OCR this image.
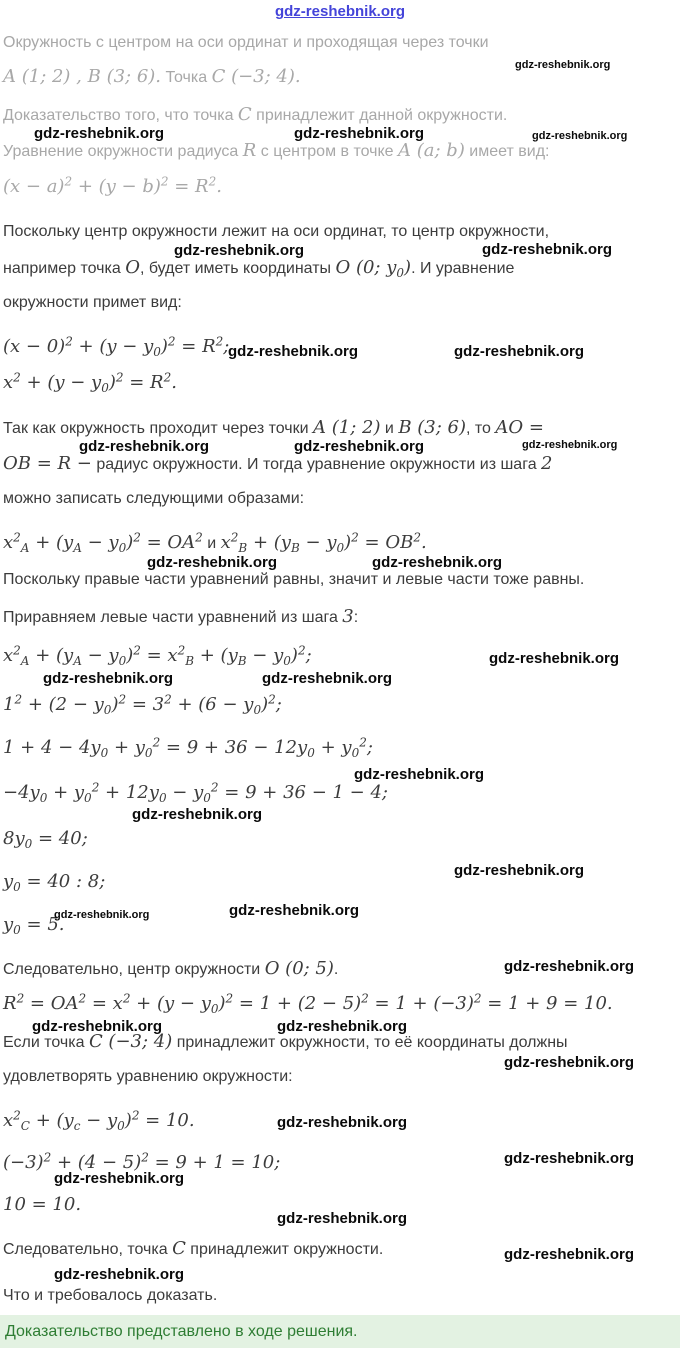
gdz-reshebnik.org
Окружность с центром на оси ординат и проходящая через точки
A (1; 2) , B (3; 6). Точка C (−3; 4).
Доказательство того, что точка C принадлежит данной окружности.
Уравнение окружности радиуса R с центром в точке A (a; b) имеет вид:
$(x - a)^2 + (y - b)^2 = R^2$.
Поскольку центр окружности лежит на оси ординат, то центр окружности,
например точка O, будет иметь координаты O (0; $y_0$). И уравнение
окружности примет вид:
$(x - 0)^2 + (y - y_0)^2 = R^2$;
$x^2 + (y - y_0)^2 = R^2$.
Так как окружность проходит через точки A (1; 2) и B (3; 6), то AO =
OB = R − радиус окружности. И тогда уравнение окружности из шага 2
можно записать следующими образами:
$x^2_A + (y_A - y_0)^2 = OA^2$ и $x^2_B + (y_B - y_0)^2 = OB^2$.
Поскольку правые части уравнений равны, значит и левые части тоже равны.
Приравняем левые части уравнений из шага 3:
$x^2_A + (y_A - y_0)^2 = x^2_B + (y_B - y_0)^2$;
$1^2 + (2 - y_0)^2 = 3^2 + (6 - y_0)^2$;
$1 + 4 - 4y_0 + y_0^2 = 9 + 36 - 12y_0 + y_0^2$;
$-4y_0 + y_0^2 + 12y_0 - y_0^2 = 9 + 36 - 1 - 4$;
$8y_0 = 40$;
$y_0 = 40$ : 8;
$y_0 = 5$.
Следовательно, центр окружности O (0; 5).
$R^2 = OA^2 = x^2 + (y - y_0)^2 = 1 + (2 - 5)^2 = 1 + (-3)^2 = 1 + 9 = 10$.
Если точка C (−3; 4) принадлежит окружности, то её координаты должны
удовлетворять уравнению окружности:
$x^2_C + (y_c - y_0)^2 = 10$.
$(-3)^2 + (4 - 5)^2 = 9 + 1 = 10$;
10 = 10.
Следовательно, точка C принадлежит окружности.
Что и требовалось доказать.
gdz-reshebnik.org
gdz-reshebnik.org	gdz-reshebnik.org	gdz-reshebnik.org
gdz-reshebnik.org	gdz-reshebnik.org
gdz-reshebnik.org	gdz-reshebnik.org
gdz-reshebnik.org	gdz-reshebnik.org	gdz-reshebnik.org
gdz-reshebnik.org	gdz-reshebnik.org
gdz-reshebnik.org
gdz-reshebnik.org	gdz-reshebnik.org
gdz-reshebnik.org
gdz-reshebnik.org
gdz-reshebnik.org
gdz-reshebnik.org
gdz-reshebnik.org
gdz-reshebnik.org
gdz-reshebnik.org	gdz-reshebnik.org
gdz-reshebnik.org
gdz-reshebnik.org
gdz-reshebnik.org
gdz-reshebnik.org
gdz-reshebnik.org
gdz-reshebnik.org
gdz-reshebnik.org
Доказательство представлено в ходе решения.
